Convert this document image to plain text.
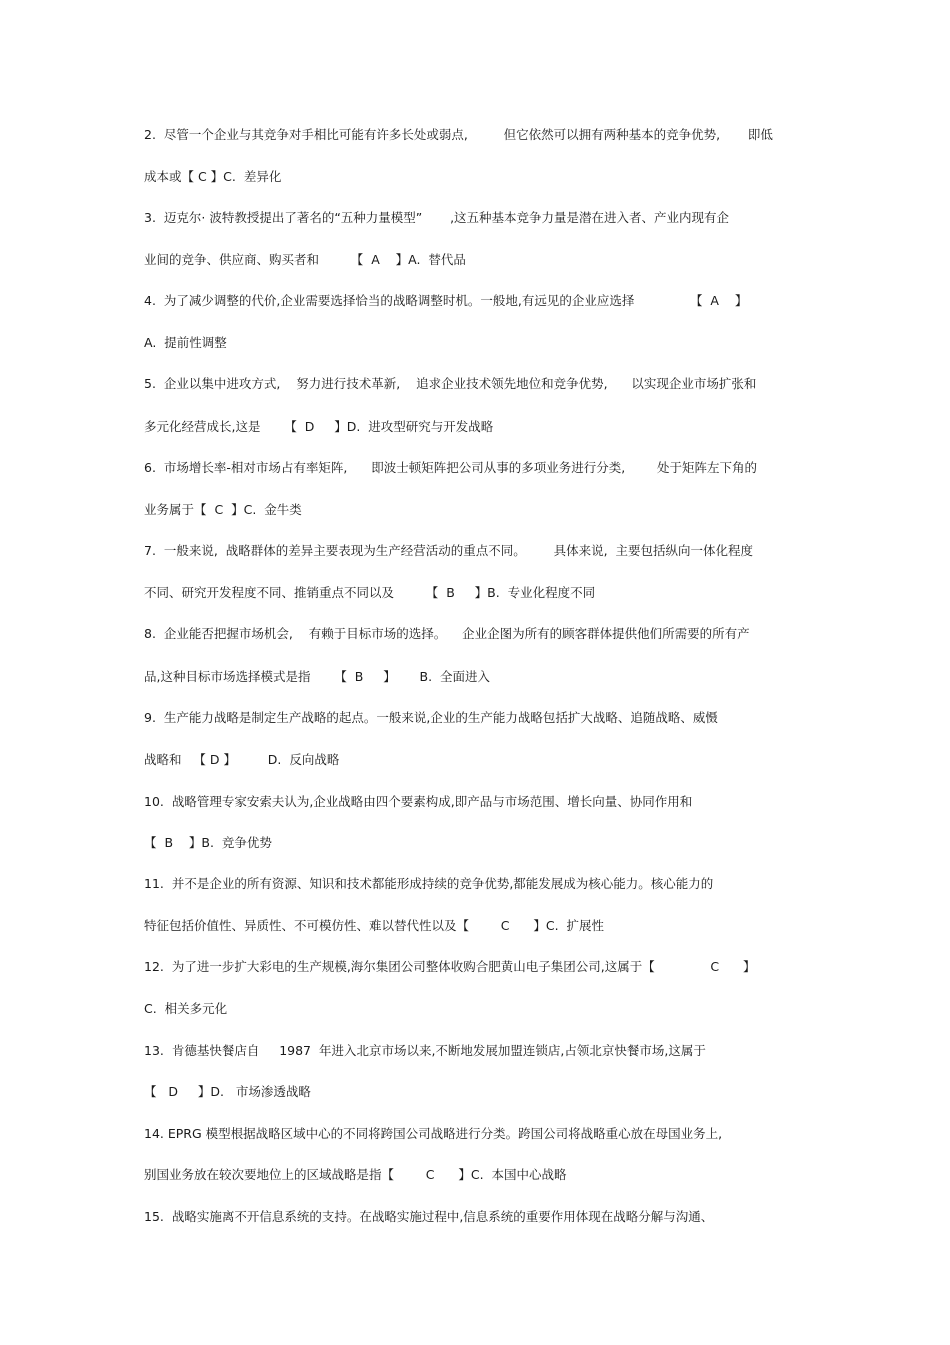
2.  尽管一个企业与其竞争对手相比可能有许多长处或弱点,         但它依然可以拥有两种基本的竞争优势,       即低
成本或【 C 】C.  差异化
3.  迈克尔· 波特教授提出了著名的“五种力量模型”       ,这五种基本竞争力量是潜在进入者、产业内现有企
业间的竞争、供应商、购买者和        【  A    】A.  替代品
4.  为了减少调整的代价,企业需要选择恰当的战略调整时机。一般地,有远见的企业应选择              【  A    】
A.  提前性调整
5.  企业以集中进攻方式,    努力进行技术革新,    追求企业技术领先地位和竞争优势,      以实现企业市场扩张和
多元化经营成长,这是      【  D     】D.  进攻型研究与开发战略
6.  市场增长率-相对市场占有率矩阵,      即波士顿矩阵把公司从事的多项业务进行分类,        处于矩阵左下角的
业务属于【  C  】C.  金牛类
7.  一般来说,  战略群体的差异主要表现为生产经营活动的重点不同。       具体来说,  主要包括纵向一体化程度
不同、研究开发程度不同、推销重点不同以及        【  B     】B.  专业化程度不同
8.  企业能否把握市场机会,    有赖于目标市场的选择。    企业企图为所有的顾客群体提供他们所需要的所有产
品,这种目标市场选择模式是指      【  B     】      B.  全面进入
9.  生产能力战略是制定生产战略的起点。一般来说,企业的生产能力战略包括扩大战略、追随战略、威慑
战略和   【 D 】        D.  反向战略
10.  战略管理专家安索夫认为,企业战略由四个要素构成,即产品与市场范围、增长向量、协同作用和
【  B    】B.  竞争优势
11.  并不是企业的所有资源、知识和技术都能形成持续的竞争优势,都能发展成为核心能力。核心能力的
特征包括价值性、异质性、不可模仿性、难以替代性以及【        C      】C.  扩展性
12.  为了进一步扩大彩电的生产规模,海尔集团公司整体收购合肥黄山电子集团公司,这属于【              C      】
C.  相关多元化
13.  肯德基快餐店自     1987  年进入北京市场以来,不断地发展加盟连锁店,占领北京快餐市场,这属于
【   D     】D.   市场渗透战略
14. EPRG 模型根据战略区域中心的不同将跨国公司战略进行分类。跨国公司将战略重心放在母国业务上,
别国业务放在较次要地位上的区域战略是指【        C      】C.  本国中心战略
15.  战略实施离不开信息系统的支持。在战略实施过程中,信息系统的重要作用体现在战略分解与沟通、
